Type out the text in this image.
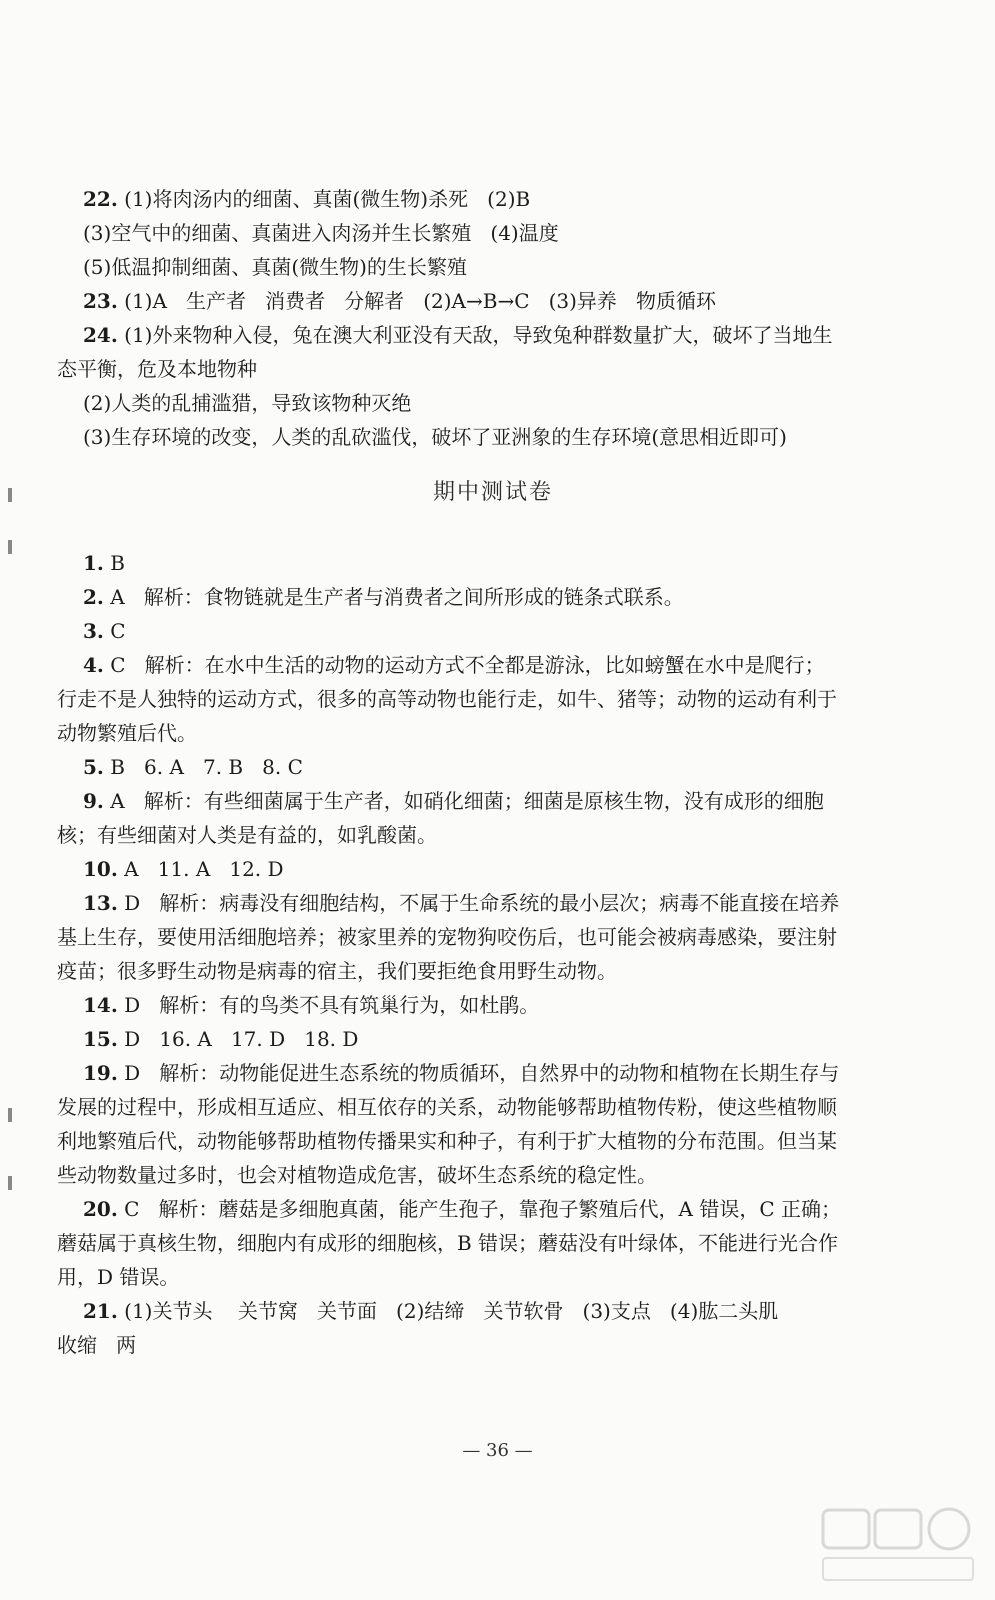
22. (1)将肉汤内的细菌、真菌(微生物)杀死   (2)B

(3)空气中的细菌、真菌进入肉汤并生长繁殖   (4)温度

(5)低温抑制细菌、真菌(微生物)的生长繁殖

23. (1)A   生产者   消费者   分解者   (2)A→B→C   (3)异养   物质循环

24. (1)外来物种入侵，兔在澳大利亚没有天敌，导致兔种群数量扩大，破坏了当地生

态平衡，危及本地物种

(2)人类的乱捕滥猎，导致该物种灭绝

(3)生存环境的改变，人类的乱砍滥伐，破坏了亚洲象的生存环境(意思相近即可)

期中测试卷

1. B

2. A   解析：食物链就是生产者与消费者之间所形成的链条式联系。

3. C

4. C   解析：在水中生活的动物的运动方式不全都是游泳，比如螃蟹在水中是爬行；

行走不是人独特的运动方式，很多的高等动物也能行走，如牛、猪等；动物的运动有利于

动物繁殖后代。

5. B   6. A   7. B   8. C

9. A   解析：有些细菌属于生产者，如硝化细菌；细菌是原核生物，没有成形的细胞

核；有些细菌对人类是有益的，如乳酸菌。

10. A   11. A   12. D

13. D   解析：病毒没有细胞结构，不属于生命系统的最小层次；病毒不能直接在培养

基上生存，要使用活细胞培养；被家里养的宠物狗咬伤后，也可能会被病毒感染，要注射

疫苗；很多野生动物是病毒的宿主，我们要拒绝食用野生动物。

14. D   解析：有的鸟类不具有筑巢行为，如杜鹃。

15. D   16. A   17. D   18. D

19. D   解析：动物能促进生态系统的物质循环，自然界中的动物和植物在长期生存与

发展的过程中，形成相互适应、相互依存的关系，动物能够帮助植物传粉，使这些植物顺

利地繁殖后代，动物能够帮助植物传播果实和种子，有利于扩大植物的分布范围。但当某

些动物数量过多时，也会对植物造成危害，破坏生态系统的稳定性。

20. C   解析：蘑菇是多细胞真菌，能产生孢子，靠孢子繁殖后代，A 错误，C 正确；

蘑菇属于真核生物，细胞内有成形的细胞核，B 错误；蘑菇没有叶绿体，不能进行光合作

用，D 错误。

21. (1)关节头    关节窝   关节面   (2)结缔   关节软骨   (3)支点   (4)肱二头肌

收缩   两

— 36 —
